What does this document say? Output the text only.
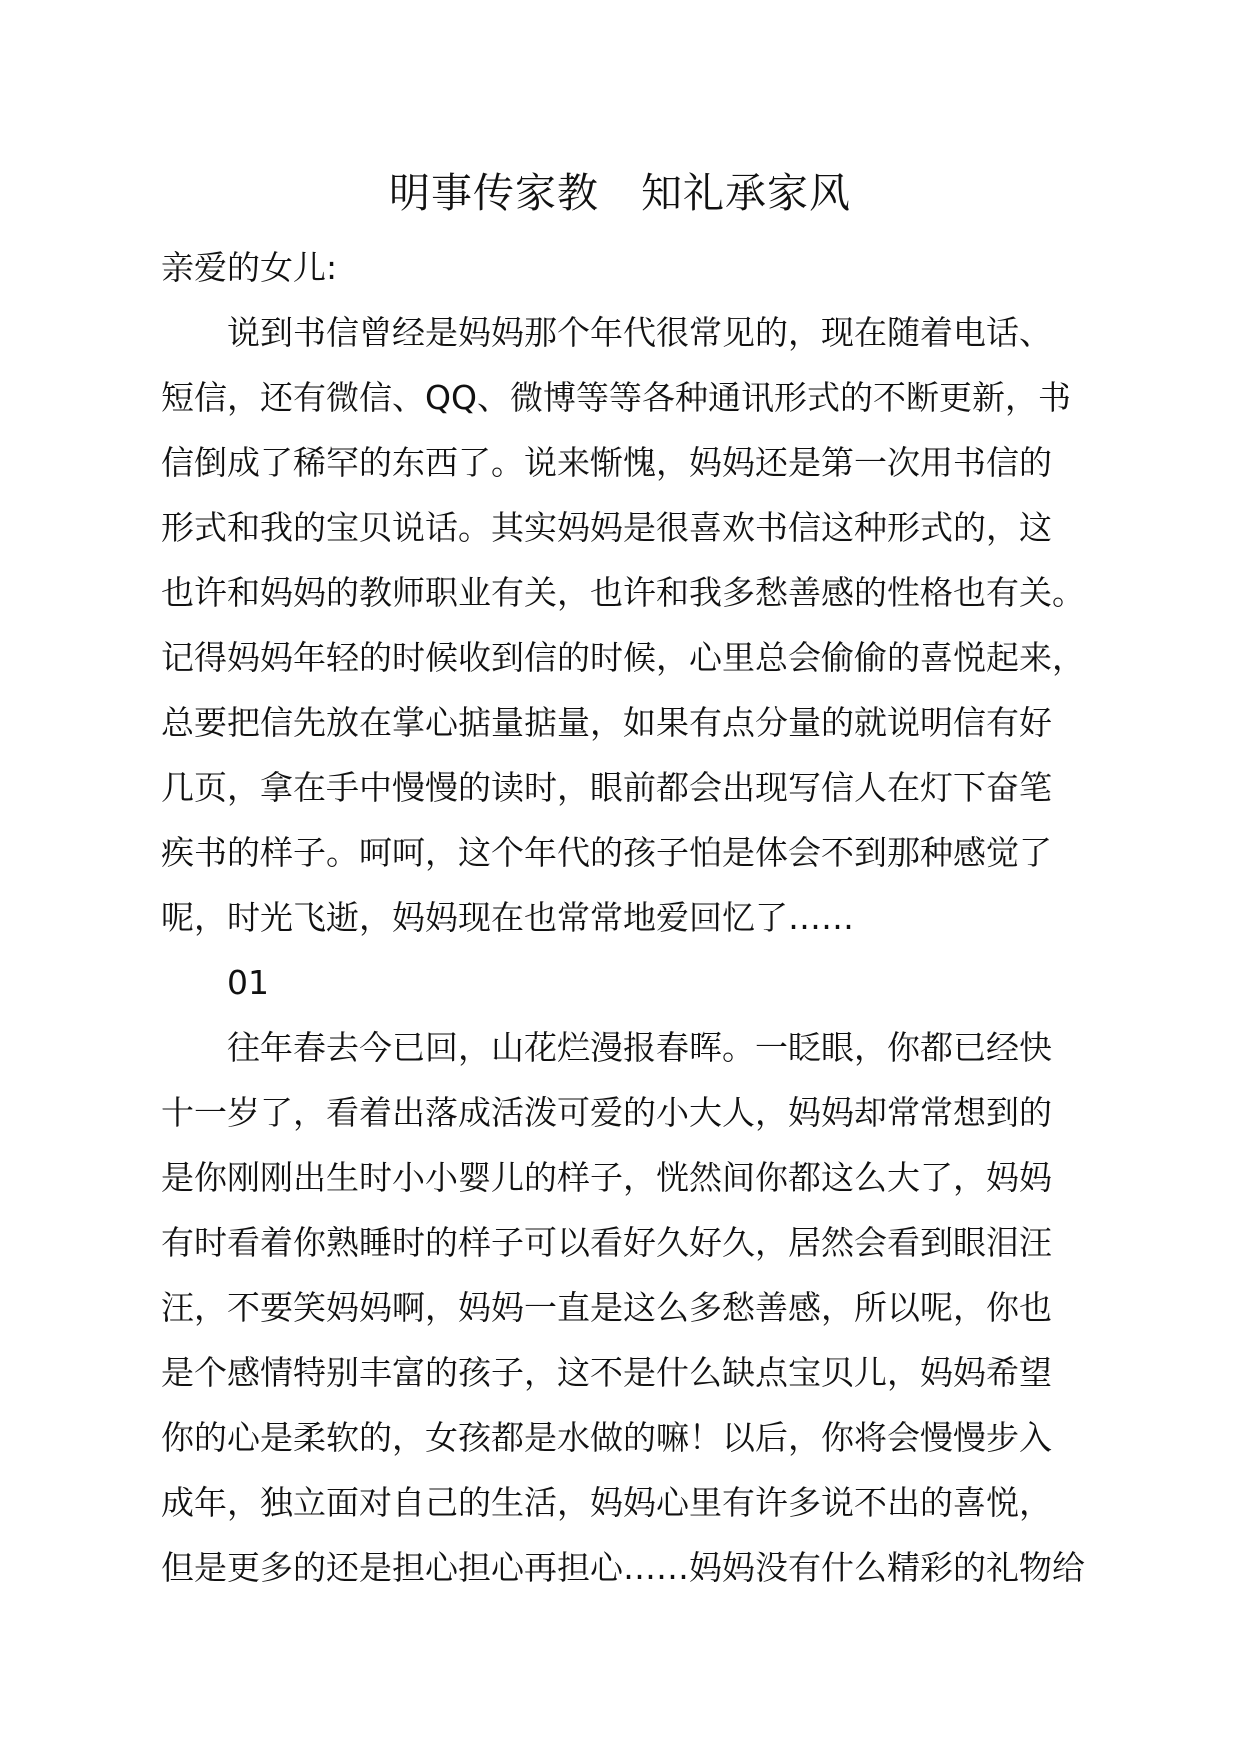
明事传家教　知礼承家风
亲爱的女儿:
说到书信曾经是妈妈那个年代很常见的，现在随着电话、
短信，还有微信、QQ、微博等等各种通讯形式的不断更新，书
信倒成了稀罕的东西了。说来惭愧，妈妈还是第一次用书信的
形式和我的宝贝说话。其实妈妈是很喜欢书信这种形式的，这
也许和妈妈的教师职业有关，也许和我多愁善感的性格也有关。
记得妈妈年轻的时候收到信的时候，心里总会偷偷的喜悦起来，
总要把信先放在掌心掂量掂量，如果有点分量的就说明信有好
几页，拿在手中慢慢的读时，眼前都会出现写信人在灯下奋笔
疾书的样子。呵呵，这个年代的孩子怕是体会不到那种感觉了
呢，时光飞逝，妈妈现在也常常地爱回忆了……
01
往年春去今已回，山花烂漫报春晖。一眨眼，你都已经快
十一岁了，看着出落成活泼可爱的小大人，妈妈却常常想到的
是你刚刚出生时小小婴儿的样子，恍然间你都这么大了，妈妈
有时看着你熟睡时的样子可以看好久好久，居然会看到眼泪汪
汪，不要笑妈妈啊，妈妈一直是这么多愁善感，所以呢，你也
是个感情特别丰富的孩子，这不是什么缺点宝贝儿，妈妈希望
你的心是柔软的，女孩都是水做的嘛！以后，你将会慢慢步入
成年，独立面对自己的生活，妈妈心里有许多说不出的喜悦，
但是更多的还是担心担心再担心……妈妈没有什么精彩的礼物给
